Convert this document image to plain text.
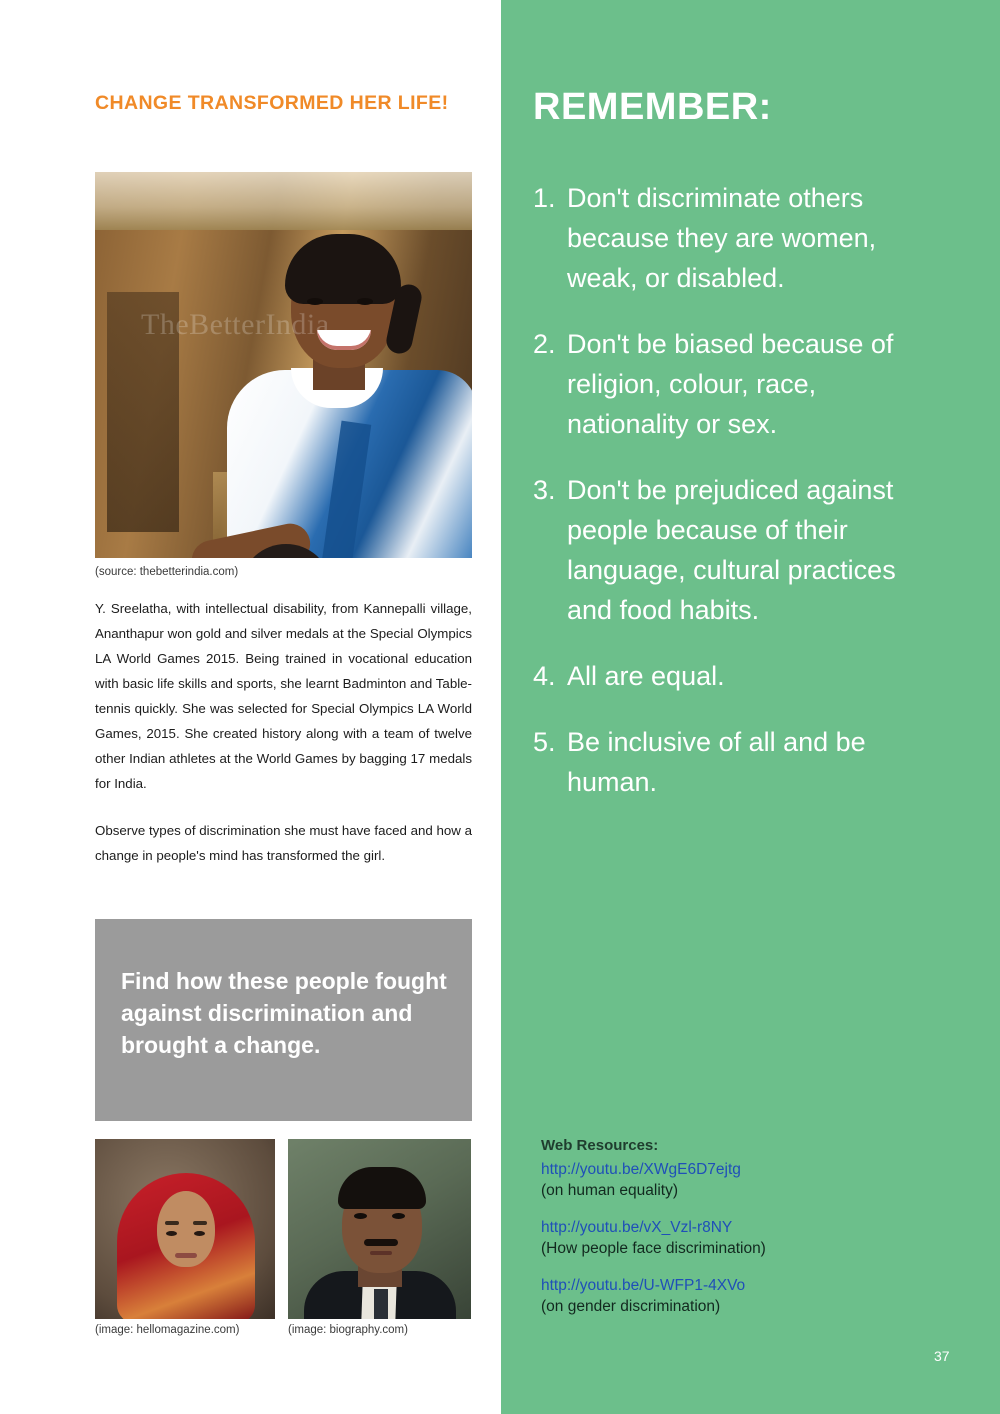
CHANGE TRANSFORMED HER LIFE!
TheBetterIndia
(source: thebetterindia.com)
Y. Sreelatha, with intellectual disability, from Kannepalli village, Ananthapur won gold and silver medals at the Special Olympics LA World Games 2015. Being trained in vocational education with basic life skills and sports, she learnt Badminton and Table-tennis quickly. She was selected for Special Olympics LA World Games, 2015. She created history along with a team of twelve other Indian athletes at the World Games by bagging 17 medals for India.
Observe types of discrimination she must have faced and how a change in people's mind has transformed the girl.
Find how these people fought against discrimination and brought a change.
(image: hellomagazine.com)	(image: biography.com)
REMEMBER:
1. Don't discriminate others because they are women, weak, or disabled.
2. Don't be biased because of religion, colour, race, nationality or sex.
3. Don't be prejudiced against people because of their language, cultural practices and food habits.
4. All are equal.
5. Be inclusive of all and be human.
Web Resources:
http://youtu.be/XWgE6D7ejtg
(on human equality)
http://youtu.be/vX_Vzl-r8NY
(How people face discrimination)
http://youtu.be/U-WFP1-4XVo
(on gender discrimination)
37
